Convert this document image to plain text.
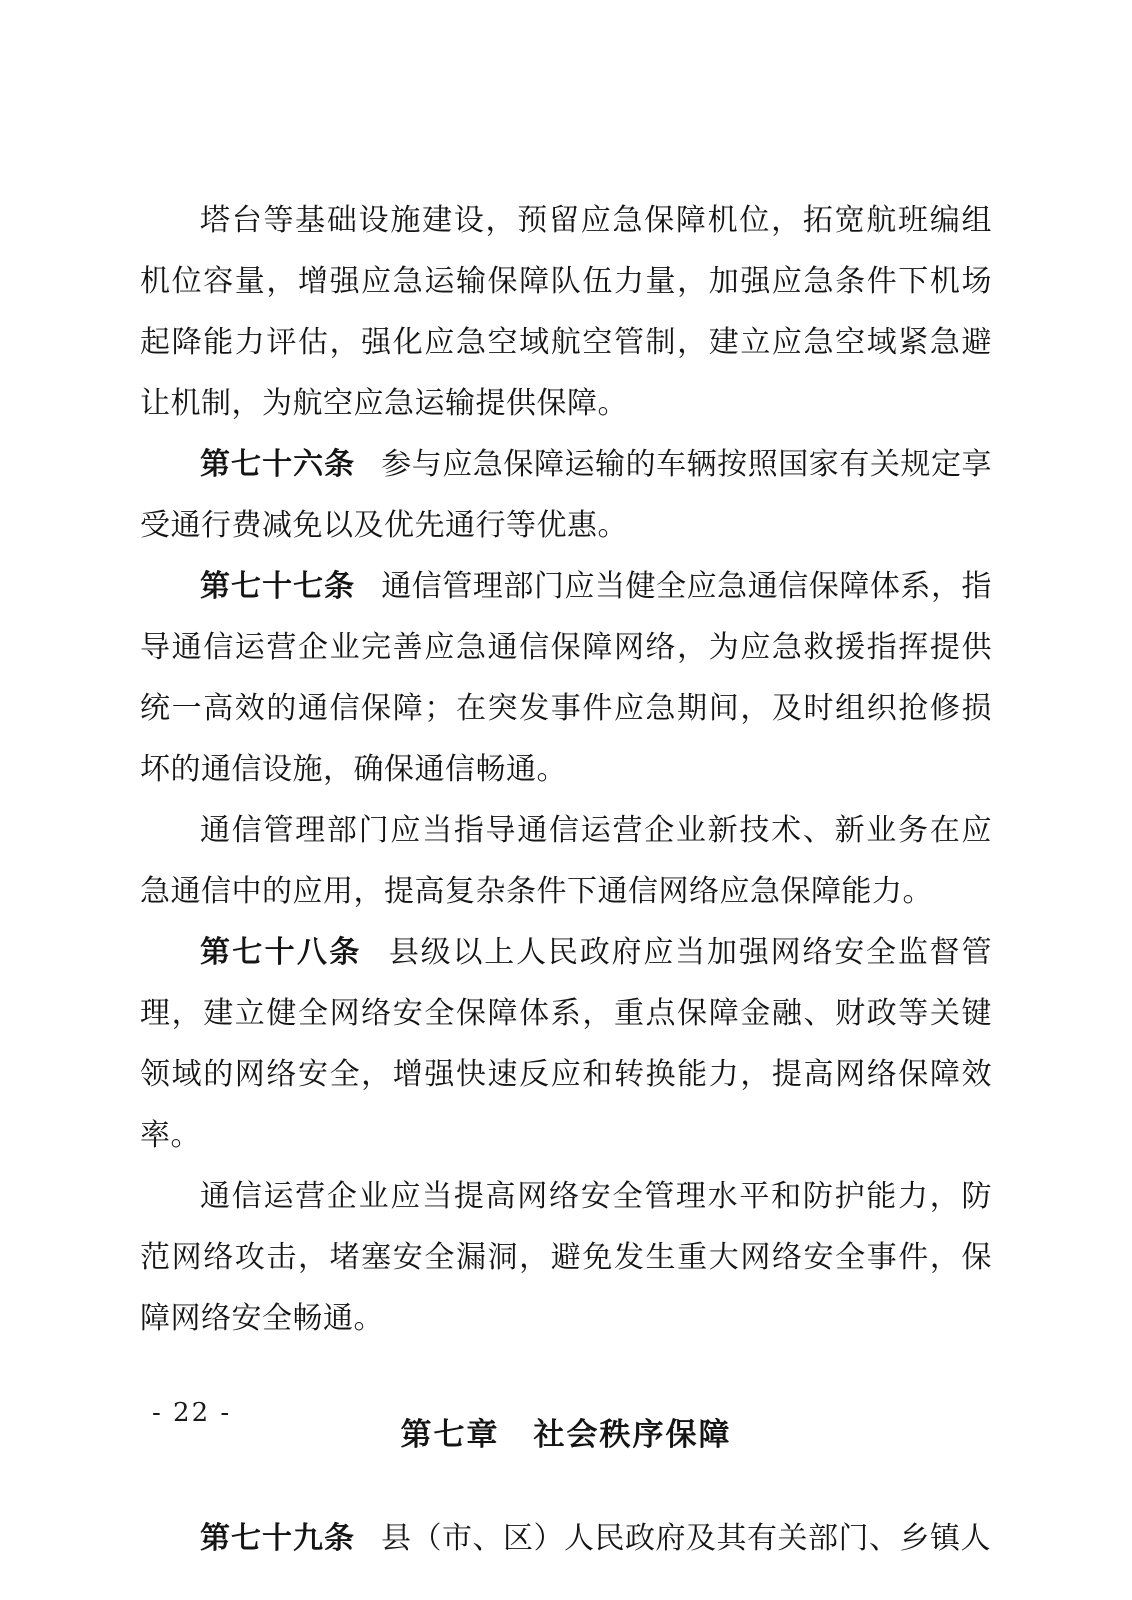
塔台等基础设施建设，预留应急保障机位，拓宽航班编组机位容量，增强应急运输保障队伍力量，加强应急条件下机场起降能力评估，强化应急空域航空管制，建立应急空域紧急避让机制，为航空应急运输提供保障。

第七十六条 参与应急保障运输的车辆按照国家有关规定享受通行费减免以及优先通行等优惠。

第七十七条 通信管理部门应当健全应急通信保障体系，指导通信运营企业完善应急通信保障网络，为应急救援指挥提供统一高效的通信保障；在突发事件应急期间，及时组织抢修损坏的通信设施，确保通信畅通。

通信管理部门应当指导通信运营企业新技术、新业务在应急通信中的应用，提高复杂条件下通信网络应急保障能力。

第七十八条 县级以上人民政府应当加强网络安全监督管理，建立健全网络安全保障体系，重点保障金融、财政等关键领域的网络安全，增强快速反应和转换能力，提高网络保障效率。

通信运营企业应当提高网络安全管理水平和防护能力，防范网络攻击，堵塞安全漏洞，避免发生重大网络安全事件，保障网络安全畅通。

第七章 社会秩序保障

第七十九条 县（市、区）人民政府及其有关部门、乡镇人

- 22 -
